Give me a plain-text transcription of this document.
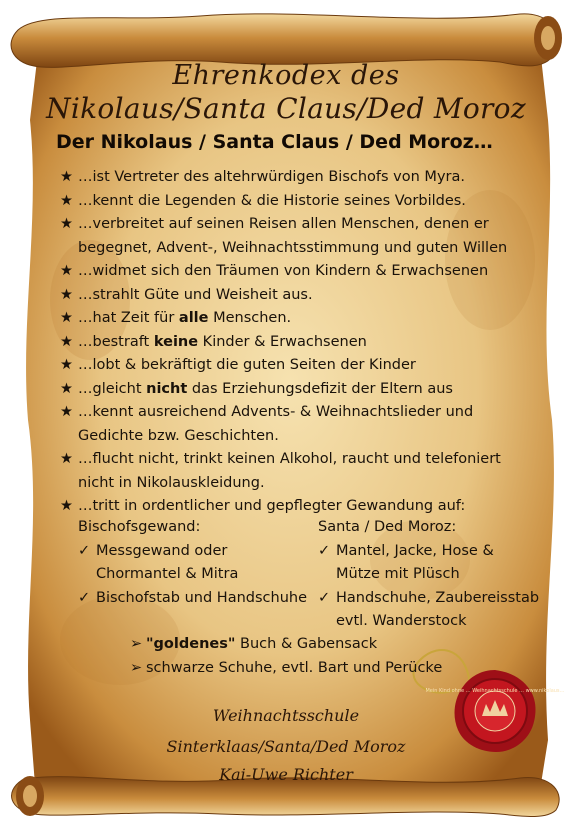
Ehrenkodex des
Nikolaus/Santa Claus/Ded Moroz
Der Nikolaus / Santa Claus / Ded Moroz…
★ …ist Vertreter des altehrwürdigen Bischofs von Myra.
★ …kennt die Legenden & die Historie seines Vorbildes.
★ …verbreitet auf seinen Reisen allen Menschen, denen er
begegnet, Advent-, Weihnachtsstimmung und guten Willen
★ …widmet sich den Träumen von Kindern & Erwachsenen
★ …strahlt Güte und Weisheit aus.
★ …hat Zeit für alle Menschen.
★ …bestraft keine Kinder & Erwachsenen
★ …lobt & bekräftigt die guten Seiten der Kinder
★ …gleicht nicht das Erziehungsdefizit der Eltern aus
★ …kennt ausreichend Advents- & Weihnachtslieder und
Gedichte bzw. Geschichten.
★ …flucht nicht, trinkt keinen Alkohol, raucht und telefoniert
nicht in Nikolauskleidung.
★ …tritt in ordentlicher und gepflegter Gewandung auf:
Bischofsgewand:
✓ Messgewand oder
Chormantel & Mitra
✓ Bischofstab und Handschuhe
Santa / Ded Moroz:
✓ Mantel, Jacke, Hose &
Mütze mit Plüsch
✓ Handschuhe, Zaubereisstab
evtl. Wanderstock
➢ "goldenes" Buch & Gabensack
➢ schwarze Schuhe, evtl. Bart und Perücke
Weihnachtsschule
Sinterklaas/Santa/Ded Moroz
Kai-Uwe Richter
Mein Kind ohne … Weihnachtsschule … www.nikolaus…
